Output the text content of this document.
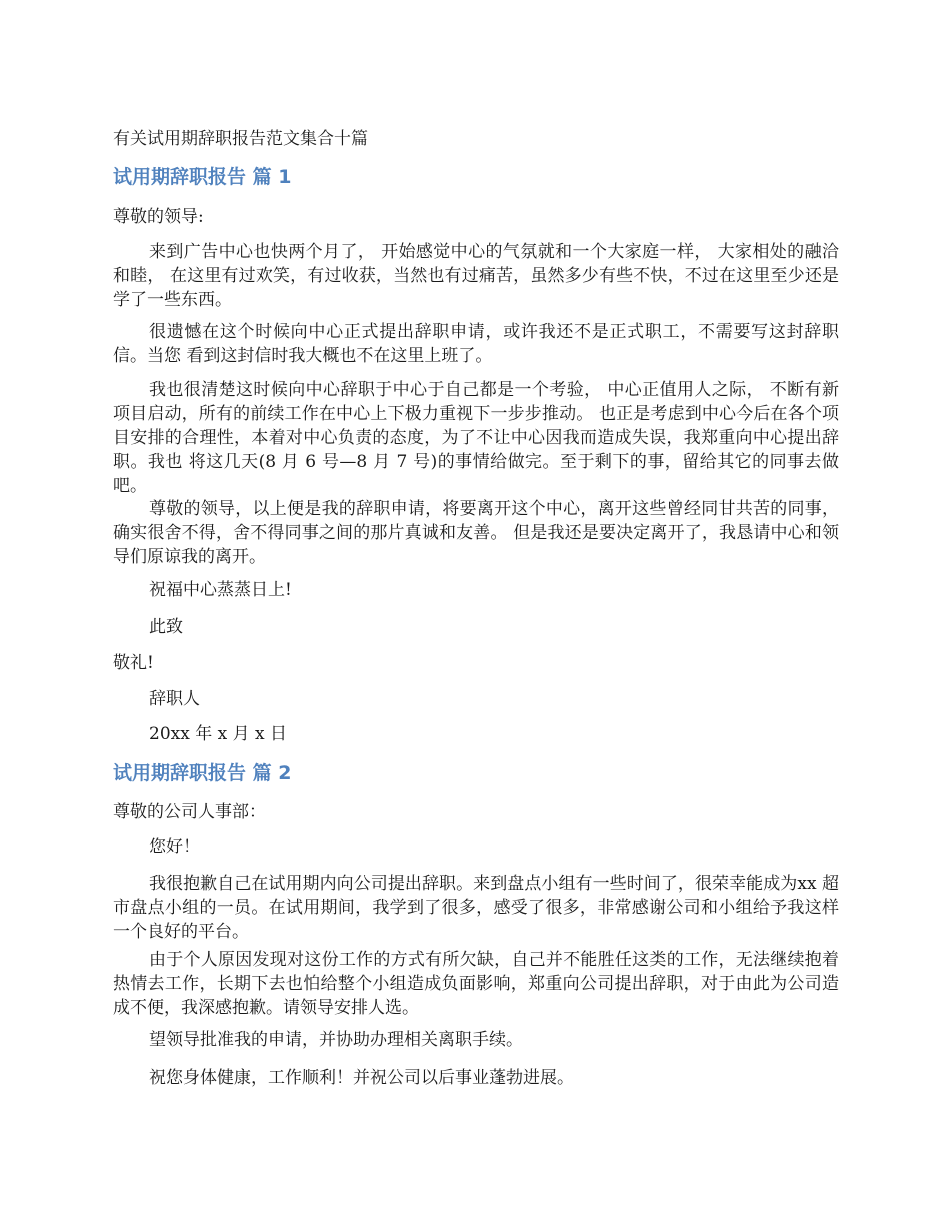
有关试用期辞职报告范文集合十篇
试用期辞职报告 篇 1
尊敬的领导:
来到广告中心也快两个月了， 开始感觉中心的气氛就和一个大家庭一样， 大家相处的融洽和睦， 在这里有过欢笑，有过收获，当然也有过痛苦，虽然多少有些不快，不过在这里至少还是学了一些东西。
很遗憾在这个时候向中心正式提出辞职申请，或许我还不是正式职工，不需要写这封辞职信。当您 看到这封信时我大概也不在这里上班了。
我也很清楚这时候向中心辞职于中心于自己都是一个考验， 中心正值用人之际， 不断有新项目启动，所有的前续工作在中心上下极力重视下一步步推动。 也正是考虑到中心今后在各个项目安排的合理性，本着对中心负责的态度，为了不让中心因我而造成失误，我郑重向中心提出辞职。我也 将这几天(8 月 6 号—8 月 7 号)的事情给做完。至于剩下的事，留给其它的同事去做吧。
尊敬的领导，以上便是我的辞职申请，将要离开这个中心，离开这些曾经同甘共苦的同事，确实很舍不得，舍不得同事之间的那片真诚和友善。 但是我还是要决定离开了，我恳请中心和领导们原谅我的离开。
祝福中心蒸蒸日上!
此致
敬礼!
辞职人
20xx 年 x 月 x 日
试用期辞职报告 篇 2
尊敬的公司人事部：
您好！
我很抱歉自己在试用期内向公司提出辞职。来到盘点小组有一些时间了，很荣幸能成为xx 超市盘点小组的一员。在试用期间，我学到了很多，感受了很多，非常感谢公司和小组给予我这样一个良好的平台。
由于个人原因发现对这份工作的方式有所欠缺，自己并不能胜任这类的工作，无法继续抱着热情去工作，长期下去也怕给整个小组造成负面影响，郑重向公司提出辞职，对于由此为公司造成不便，我深感抱歉。请领导安排人选。
望领导批准我的申请，并协助办理相关离职手续。
祝您身体健康，工作顺利！并祝公司以后事业蓬勃进展。
